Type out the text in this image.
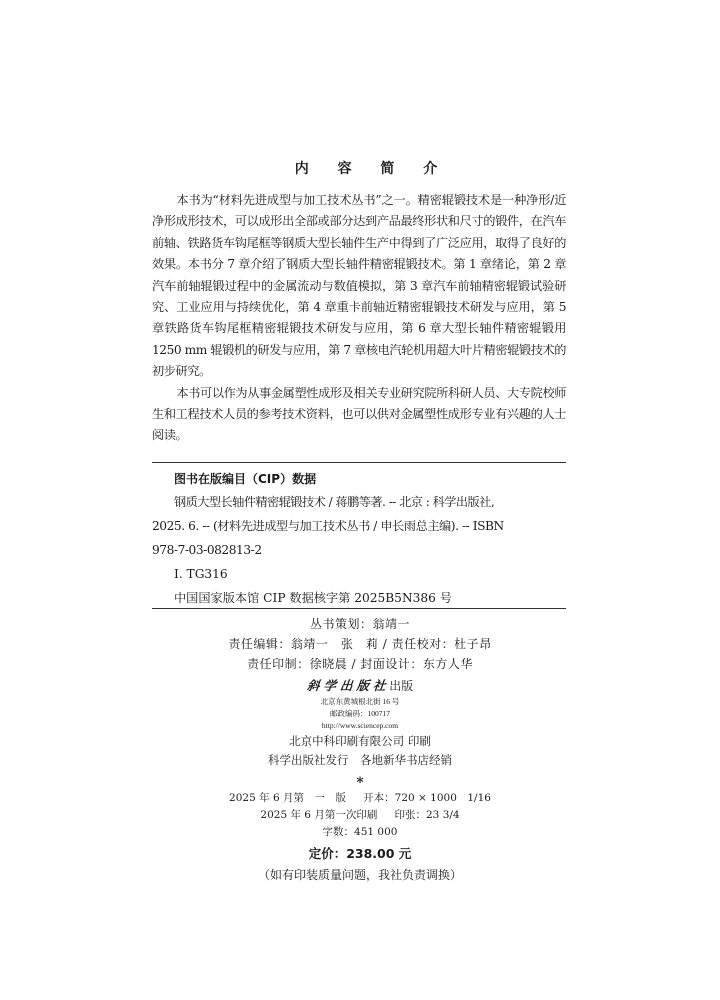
内 容 简 介

本书为“材料先进成型与加工技术丛书”之一。精密辊锻技术是一种净形/近净形成形技术，可以成形出全部或部分达到产品最终形状和尺寸的锻件，在汽车前轴、铁路货车钩尾框等钢质大型长轴件生产中得到了广泛应用，取得了良好的效果。本书分 7 章介绍了钢质大型长轴件精密辊锻技术。第 1 章绪论，第 2 章汽车前轴辊锻过程中的金属流动与数值模拟，第 3 章汽车前轴精密辊锻试验研究、工业应用与持续优化，第 4 章重卡前轴近精密辊锻技术研发与应用，第 5 章铁路货车钩尾框精密辊锻技术研发与应用，第 6 章大型长轴件精密辊锻用 1250 mm 辊锻机的研发与应用，第 7 章核电汽轮机用超大叶片精密辊锻技术的初步研究。

本书可以作为从事金属塑性成形及相关专业研究院所科研人员、大专院校师生和工程技术人员的参考技术资料，也可以供对金属塑性成形专业有兴趣的人士阅读。

图书在版编目（CIP）数据
钢质大型长轴件精密辊锻技术 / 蒋鹏等著. -- 北京 : 科学出版社,
2025. 6. -- (材料先进成型与加工技术丛书 / 申长雨总主编). -- ISBN
978-7-03-082813-2
Ⅰ. TG316
中国国家版本馆 CIP 数据核字第 2025B5N386 号
丛书策划：翁靖一
责任编辑：翁靖一　张　莉 / 责任校对：杜子昂
责任印制：徐晓晨 / 封面设计：东方人华
斜学出版社出版
北京东黄城根北街 16 号
邮政编码：100717
http://www.sciencep.com
北京中科印刷有限公司 印刷
科学出版社发行　各地新华书店经销
*
2025 年 6 月第　一　版　  开本：720 × 1000　1/16
2025 年 6 月第一次印刷　  印张：23 3/4
字数：451 000
定价：238.00 元
（如有印装质量问题，我社负责调换）
